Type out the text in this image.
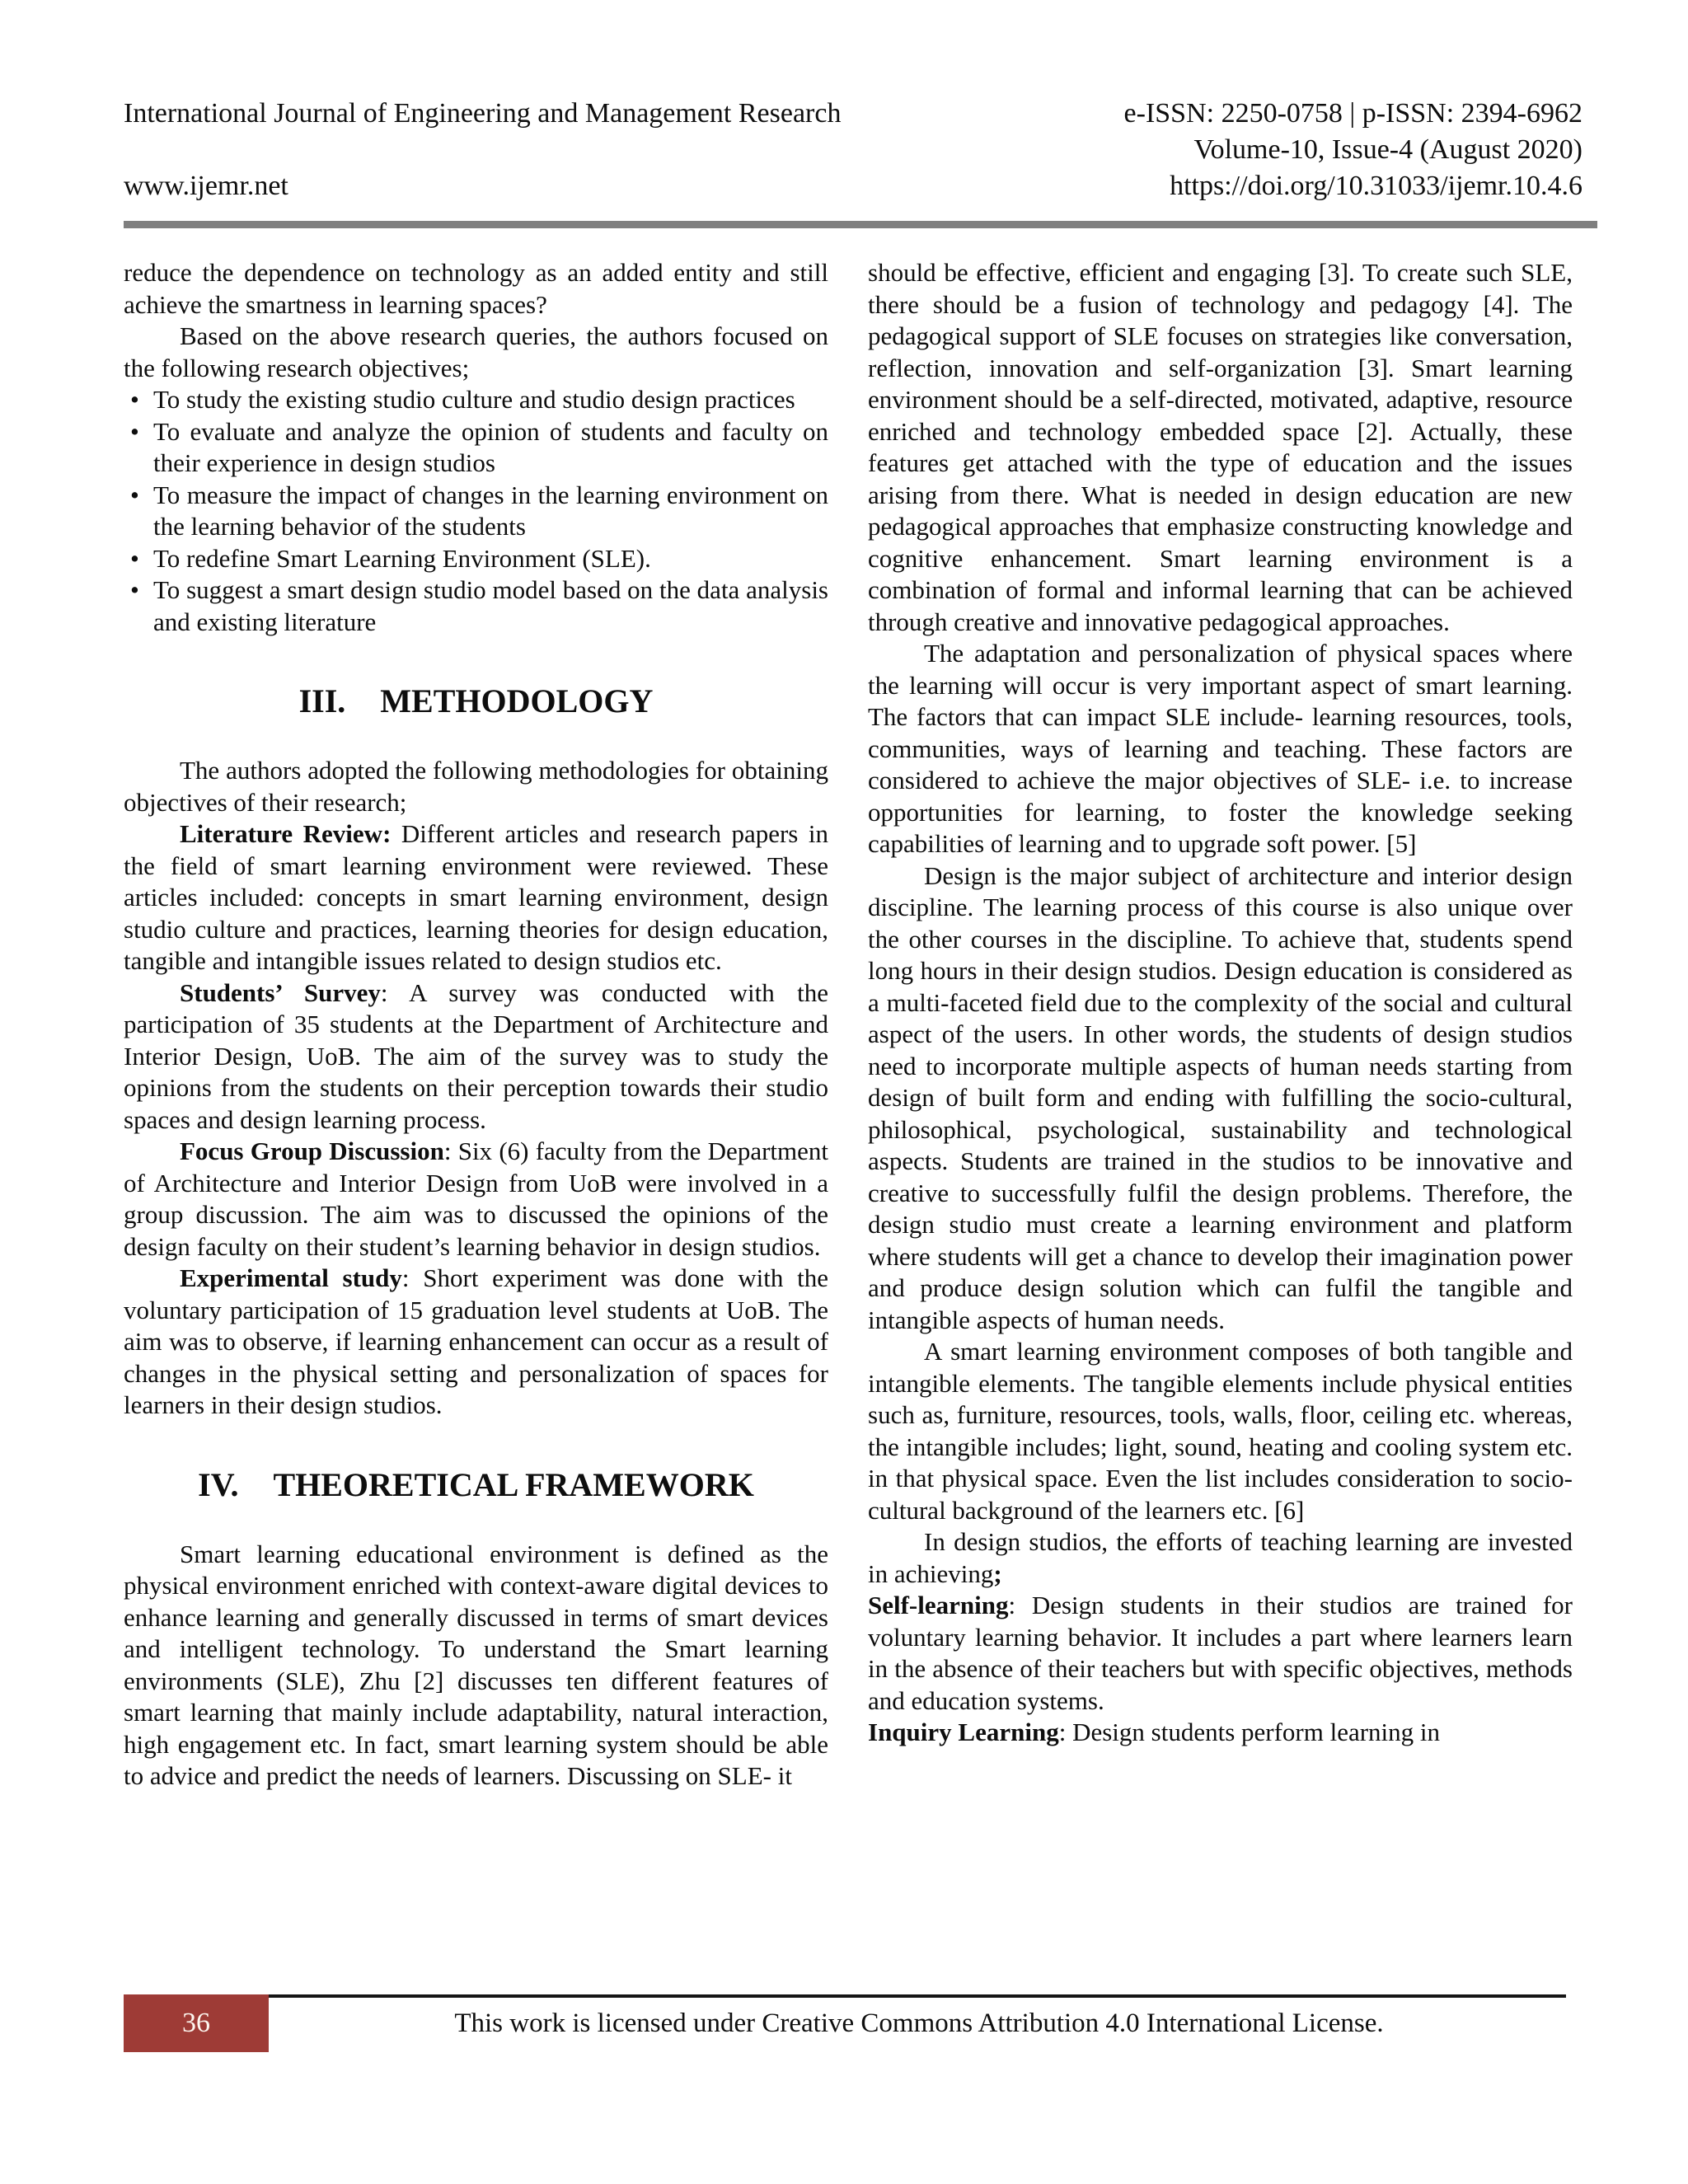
International Journal of Engineering and Management Research	e-ISSN: 2250-0758 | p-ISSN: 2394-6962
Volume-10, Issue-4 (August 2020)
www.ijemr.net	https://doi.org/10.31033/ijemr.10.4.6

reduce the dependence on technology as an added entity and still achieve the smartness in learning spaces?

Based on the above research queries, the authors focused on the following research objectives;

• To study the existing studio culture and studio design practices
• To evaluate and analyze the opinion of students and faculty on their experience in design studios
• To measure the impact of changes in the learning environment on the learning behavior of the students
• To redefine Smart Learning Environment (SLE).
• To suggest a smart design studio model based on the data analysis and existing literature
III. METHODOLOGY

The authors adopted the following methodologies for obtaining objectives of their research;

Literature Review: Different articles and research papers in the field of smart learning environment were reviewed. These articles included: concepts in smart learning environment, design studio culture and practices, learning theories for design education, tangible and intangible issues related to design studios etc.

Students’ Survey: A survey was conducted with the participation of 35 students at the Department of Architecture and Interior Design, UoB. The aim of the survey was to study the opinions from the students on their perception towards their studio spaces and design learning process.

Focus Group Discussion: Six (6) faculty from the Department of Architecture and Interior Design from UoB were involved in a group discussion. The aim was to discussed the opinions of the design faculty on their student’s learning behavior in design studios.

Experimental study: Short experiment was done with the voluntary participation of 15 graduation level students at UoB. The aim was to observe, if learning enhancement can occur as a result of changes in the physical setting and personalization of spaces for learners in their design studios.

IV. THEORETICAL FRAMEWORK

Smart learning educational environment is defined as the physical environment enriched with context-aware digital devices to enhance learning and generally discussed in terms of smart devices and intelligent technology. To understand the Smart learning environments (SLE), Zhu [2] discusses ten different features of smart learning that mainly include adaptability, natural interaction, high engagement etc. In fact, smart learning system should be able to advice and predict the needs of learners. Discussing on SLE- it

should be effective, efficient and engaging [3]. To create such SLE, there should be a fusion of technology and pedagogy [4]. The pedagogical support of SLE focuses on strategies like conversation, reflection, innovation and self-organization [3]. Smart learning environment should be a self-directed, motivated, adaptive, resource enriched and technology embedded space [2]. Actually, these features get attached with the type of education and the issues arising from there. What is needed in design education are new pedagogical approaches that emphasize constructing knowledge and cognitive enhancement. Smart learning environment is a combination of formal and informal learning that can be achieved through creative and innovative pedagogical approaches.

The adaptation and personalization of physical spaces where the learning will occur is very important aspect of smart learning. The factors that can impact SLE include- learning resources, tools, communities, ways of learning and teaching. These factors are considered to achieve the major objectives of SLE- i.e. to increase opportunities for learning, to foster the knowledge seeking capabilities of learning and to upgrade soft power. [5]

Design is the major subject of architecture and interior design discipline. The learning process of this course is also unique over the other courses in the discipline. To achieve that, students spend long hours in their design studios. Design education is considered as a multi-faceted field due to the complexity of the social and cultural aspect of the users. In other words, the students of design studios need to incorporate multiple aspects of human needs starting from design of built form and ending with fulfilling the socio-cultural, philosophical, psychological, sustainability and technological aspects. Students are trained in the studios to be innovative and creative to successfully fulfil the design problems. Therefore, the design studio must create a learning environment and platform where students will get a chance to develop their imagination power and produce design solution which can fulfil the tangible and intangible aspects of human needs.

A smart learning environment composes of both tangible and intangible elements. The tangible elements include physical entities such as, furniture, resources, tools, walls, floor, ceiling etc. whereas, the intangible includes; light, sound, heating and cooling system etc. in that physical space. Even the list includes consideration to socio-cultural background of the learners etc. [6]

In design studios, the efforts of teaching learning are invested in achieving;

Self-learning: Design students in their studios are trained for voluntary learning behavior. It includes a part where learners learn in the absence of their teachers but with specific objectives, methods and education systems.

Inquiry Learning: Design students perform learning in

36	This work is licensed under Creative Commons Attribution 4.0 International License.
